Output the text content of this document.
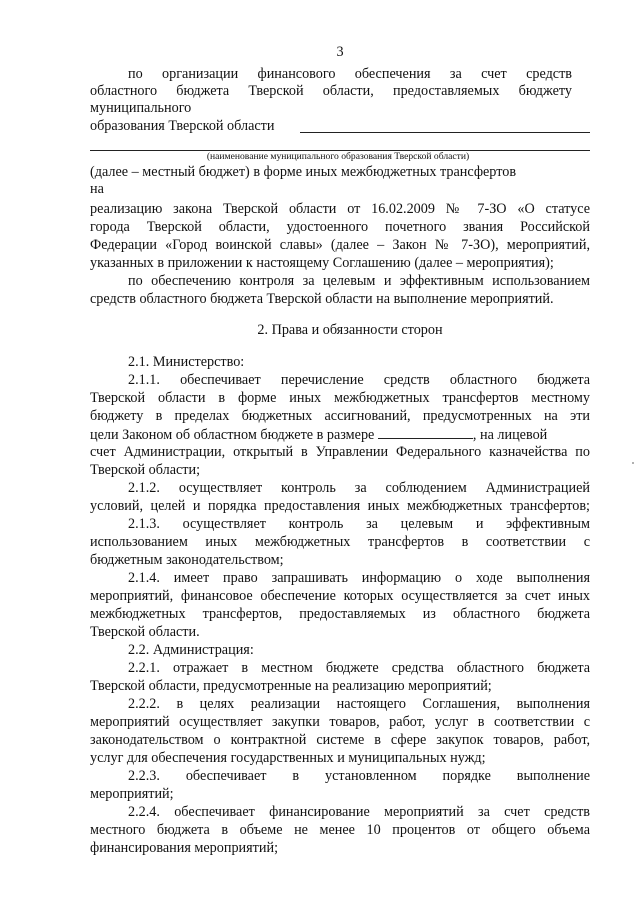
3
по организации финансового обеспечения за счет средств
областного бюджета Тверской области, предоставляемых бюджету
муниципального
образования Тверской области
(наименование муниципального образования Тверской области)
(далее – местный бюджет) в форме иных межбюджетных трансфертов
на
реализацию закона Тверской области от 16.02.2009 № 7-ЗО «О статусе
города Тверской области, удостоенного почетного звания Российской
Федерации «Город воинской славы» (далее – Закон № 7-ЗО), мероприятий,
указанных в приложении к настоящему Соглашению (далее – мероприятия);
по обеспечению контроля за целевым и эффективным использованием
средств областного бюджета Тверской области на выполнение мероприятий.
2. Права и обязанности сторон
2.1. Министерство:
2.1.1. обеспечивает перечисление средств областного бюджета
Тверской области в форме иных межбюджетных трансфертов местному
бюджету в пределах бюджетных ассигнований, предусмотренных на эти
цели Законом об областном бюджете в размере	, на лицевой
счет Администрации, открытый в Управлении Федерального казначейства по
Тверской области;
2.1.2. осуществляет контроль за соблюдением Администрацией
условий, целей и порядка предоставления иных межбюджетных трансфертов;
2.1.3. осуществляет контроль за целевым и эффективным
использованием иных межбюджетных трансфертов в соответствии с
бюджетным законодательством;
2.1.4. имеет право запрашивать информацию о ходе выполнения
мероприятий, финансовое обеспечение которых осуществляется за счет иных
межбюджетных трансфертов, предоставляемых из областного бюджета
Тверской области.
2.2. Администрация:
2.2.1. отражает в местном бюджете средства областного бюджета
Тверской области, предусмотренные на реализацию мероприятий;
2.2.2. в целях реализации настоящего Соглашения, выполнения
мероприятий осуществляет закупки товаров, работ, услуг в соответствии с
законодательством о контрактной системе в сфере закупок товаров, работ,
услуг для обеспечения государственных и муниципальных нужд;
2.2.3. обеспечивает в установленном порядке выполнение
мероприятий;
2.2.4. обеспечивает финансирование мероприятий за счет средств
местного бюджета в объеме не менее 10 процентов от общего объема
финансирования мероприятий;
